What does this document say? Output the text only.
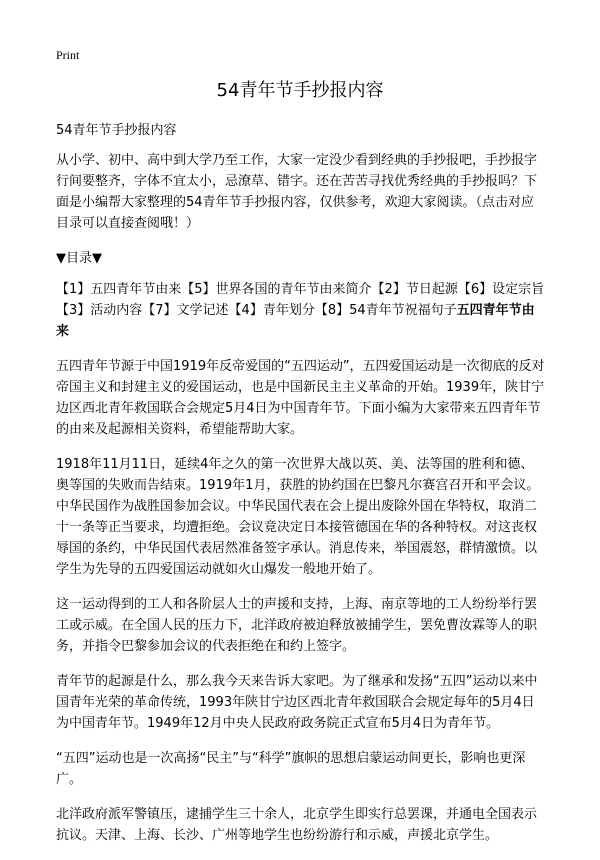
Print
54青年节手抄报内容

54青年节手抄报内容

从小学、初中、高中到大学乃至工作，大家一定没少看到经典的手抄报吧，手抄报字行间要整齐，字体不宜太小，忌潦草、错字。还在苦苦寻找优秀经典的手抄报吗？下面是小编帮大家整理的54青年节手抄报内容，仅供参考，欢迎大家阅读。（点击对应目录可以直接查阅哦！）

▼目录▼

【1】五四青年节由来【5】世界各国的青年节由来简介【2】节日起源【6】设定宗旨【3】活动内容【7】文学记述【4】青年划分【8】54青年节祝福句子五四青年节由来

五四青年节源于中国1919年反帝爱国的“五四运动”，五四爱国运动是一次彻底的反对帝国主义和封建主义的爱国运动，也是中国新民主主义革命的开始。1939年，陕甘宁边区西北青年救国联合会规定5月4日为中国青年节。下面小编为大家带来五四青年节的由来及起源相关资料，希望能帮助大家。

1918年11月11日，延续4年之久的第一次世界大战以英、美、法等国的胜利和德、奥等国的失败而告结束。1919年1月，获胜的协约国在巴黎凡尔赛宫召开和平会议。中华民国作为战胜国参加会议。中华民国代表在会上提出废除外国在华特权，取消二十一条等正当要求，均遭拒绝。会议竟决定日本接管德国在华的各种特权。对这丧权辱国的条约，中华民国代表居然准备签字承认。消息传来，举国震怒，群情激愤。以学生为先导的五四爱国运动就如火山爆发一般地开始了。

这一运动得到的工人和各阶层人士的声援和支持，上海、南京等地的工人纷纷举行罢工或示威。在全国人民的压力下，北洋政府被迫释放被捕学生，罢免曹汝霖等人的职务，并指令巴黎参加会议的代表拒绝在和约上签字。

青年节的起源是什么，那么我今天来告诉大家吧。为了继承和发扬“五四”运动以来中国青年光荣的革命传统，1993年陕甘宁边区西北青年救国联合会规定每年的5月4日为中国青年节。1949年12月中央人民政府政务院正式宣布5月4日为青年节。

“五四”运动也是一次高扬“民主”与“科学”旗帜的思想启蒙运动间更长，影响也更深广。

北洋政府派军警镇压，逮捕学生三十余人，北京学生即实行总罢课，并通电全国表示抗议。天津、上海、长沙、广州等地学生也纷纷游行和示威，声援北京学生。
